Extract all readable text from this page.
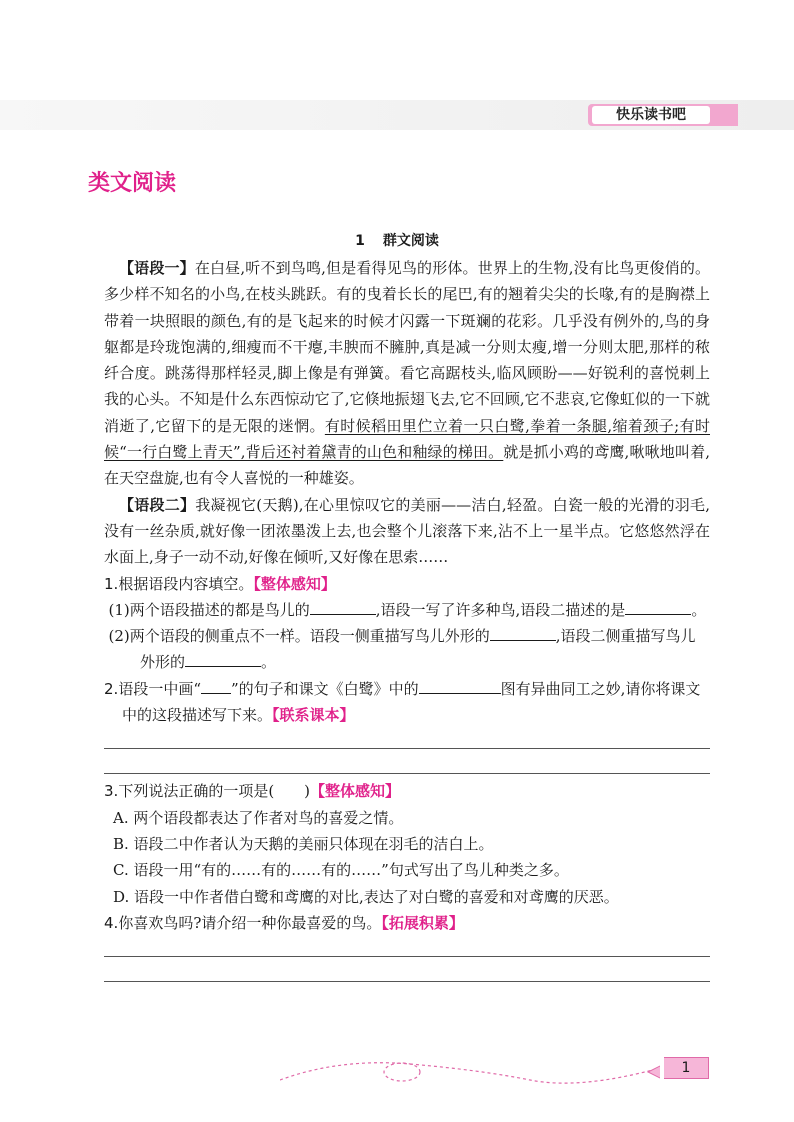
快乐读书吧
类文阅读
1 群文阅读
【语段一】在白昼,听不到鸟鸣,但是看得见鸟的形体。世界上的生物,没有比鸟更俊俏的。多少样不知名的小鸟,在枝头跳跃。有的曳着长长的尾巴,有的翘着尖尖的长喙,有的是胸襟上带着一块照眼的颜色,有的是飞起来的时候才闪露一下斑斓的花彩。几乎没有例外的,鸟的身躯都是玲珑饱满的,细瘦而不干瘪,丰腴而不臃肿,真是减一分则太瘦,增一分则太肥,那样的秾纤合度。跳荡得那样轻灵,脚上像是有弹簧。看它高踞枝头,临风顾盼——好锐利的喜悦刺上我的心头。不知是什么东西惊动它了,它倏地振翅飞去,它不回顾,它不悲哀,它像虹似的一下就消逝了,它留下的是无限的迷惘。有时候稻田里伫立着一只白鹭,拳着一条腿,缩着颈子;有时候“一行白鹭上青天”,背后还衬着黛青的山色和釉绿的梯田。就是抓小鸡的鸢鹰,啾啾地叫着,在天空盘旋,也有令人喜悦的一种雄姿。
【语段二】我凝视它(天鹅),在心里惊叹它的美丽——洁白,轻盈。白瓷一般的光滑的羽毛,没有一丝杂质,就好像一团浓墨泼上去,也会整个儿滚落下来,沾不上一星半点。它悠悠然浮在水面上,身子一动不动,好像在倾听,又好像在思索……
1.根据语段内容填空。【整体感知】
(1)两个语段描述的都是鸟儿的	,语段一写了许多种鸟,语段二描述的是	。
(2)两个语段的侧重点不一样。语段一侧重描写鸟儿外形的	,语段二侧重描写鸟儿外形的	。
2.语段一中画“ ”的句子和课文《白鹭》中的	图有异曲同工之妙,请你将课文中的这段描述写下来。【联系课本】
3.下列说法正确的一项是(　　)【整体感知】
A. 两个语段都表达了作者对鸟的喜爱之情。
B. 语段二中作者认为天鹅的美丽只体现在羽毛的洁白上。
C. 语段一用“有的……有的……有的……”句式写出了鸟儿种类之多。
D. 语段一中作者借白鹭和鸢鹰的对比,表达了对白鹭的喜爱和对鸢鹰的厌恶。
4.你喜欢鸟吗?请介绍一种你最喜爱的鸟。【拓展积累】
1
